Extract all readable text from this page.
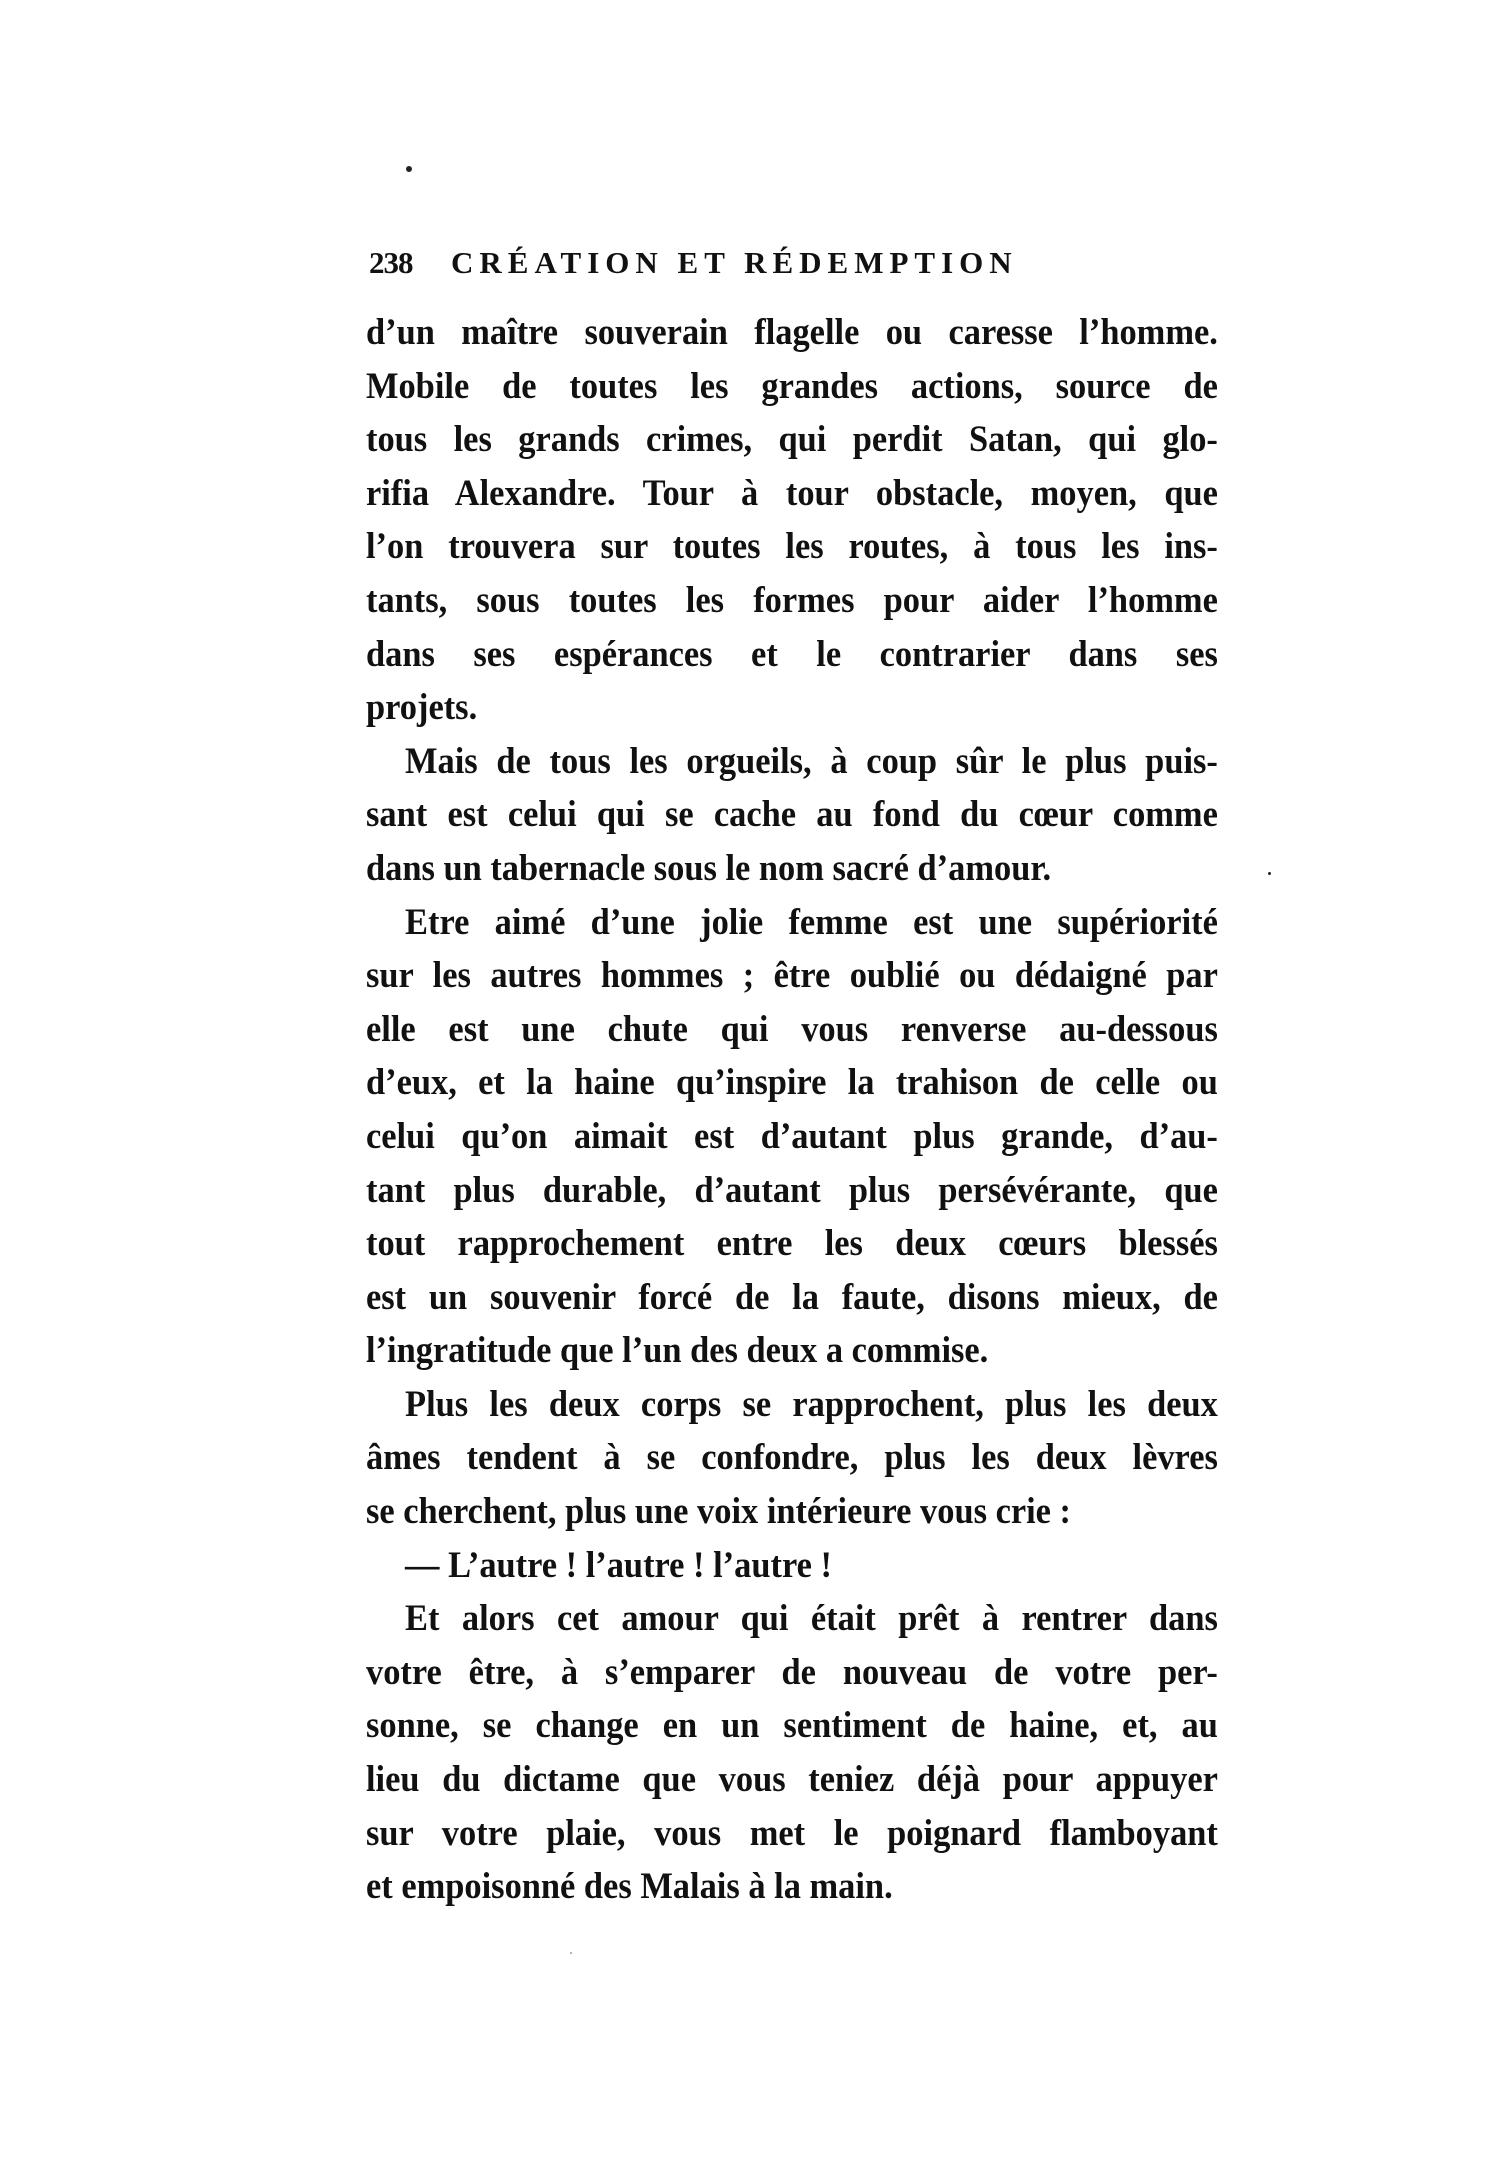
238 CRÉATION ET RÉDEMPTION
d’un maître souverain flagelle ou caresse l’homme.
Mobile de toutes les grandes actions, source de
tous les grands crimes, qui perdit Satan, qui glo-
rifia Alexandre. Tour à tour obstacle, moyen, que
l’on trouvera sur toutes les routes, à tous les ins-
tants, sous toutes les formes pour aider l’homme
dans ses espérances et le contrarier dans ses
projets.
Mais de tous les orgueils, à coup sûr le plus puis-
sant est celui qui se cache au fond du cœur comme
dans un tabernacle sous le nom sacré d’amour.
Etre aimé d’une jolie femme est une supériorité
sur les autres hommes ; être oublié ou dédaigné par
elle est une chute qui vous renverse au-dessous
d’eux, et la haine qu’inspire la trahison de celle ou
celui qu’on aimait est d’autant plus grande, d’au-
tant plus durable, d’autant plus persévérante, que
tout rapprochement entre les deux cœurs blessés
est un souvenir forcé de la faute, disons mieux, de
l’ingratitude que l’un des deux a commise.
Plus les deux corps se rapprochent, plus les deux
âmes tendent à se confondre, plus les deux lèvres
se cherchent, plus une voix intérieure vous crie :
— L’autre ! l’autre ! l’autre !
Et alors cet amour qui était prêt à rentrer dans
votre être, à s’emparer de nouveau de votre per-
sonne, se change en un sentiment de haine, et, au
lieu du dictame que vous teniez déjà pour appuyer
sur votre plaie, vous met le poignard flamboyant
et empoisonné des Malais à la main.
